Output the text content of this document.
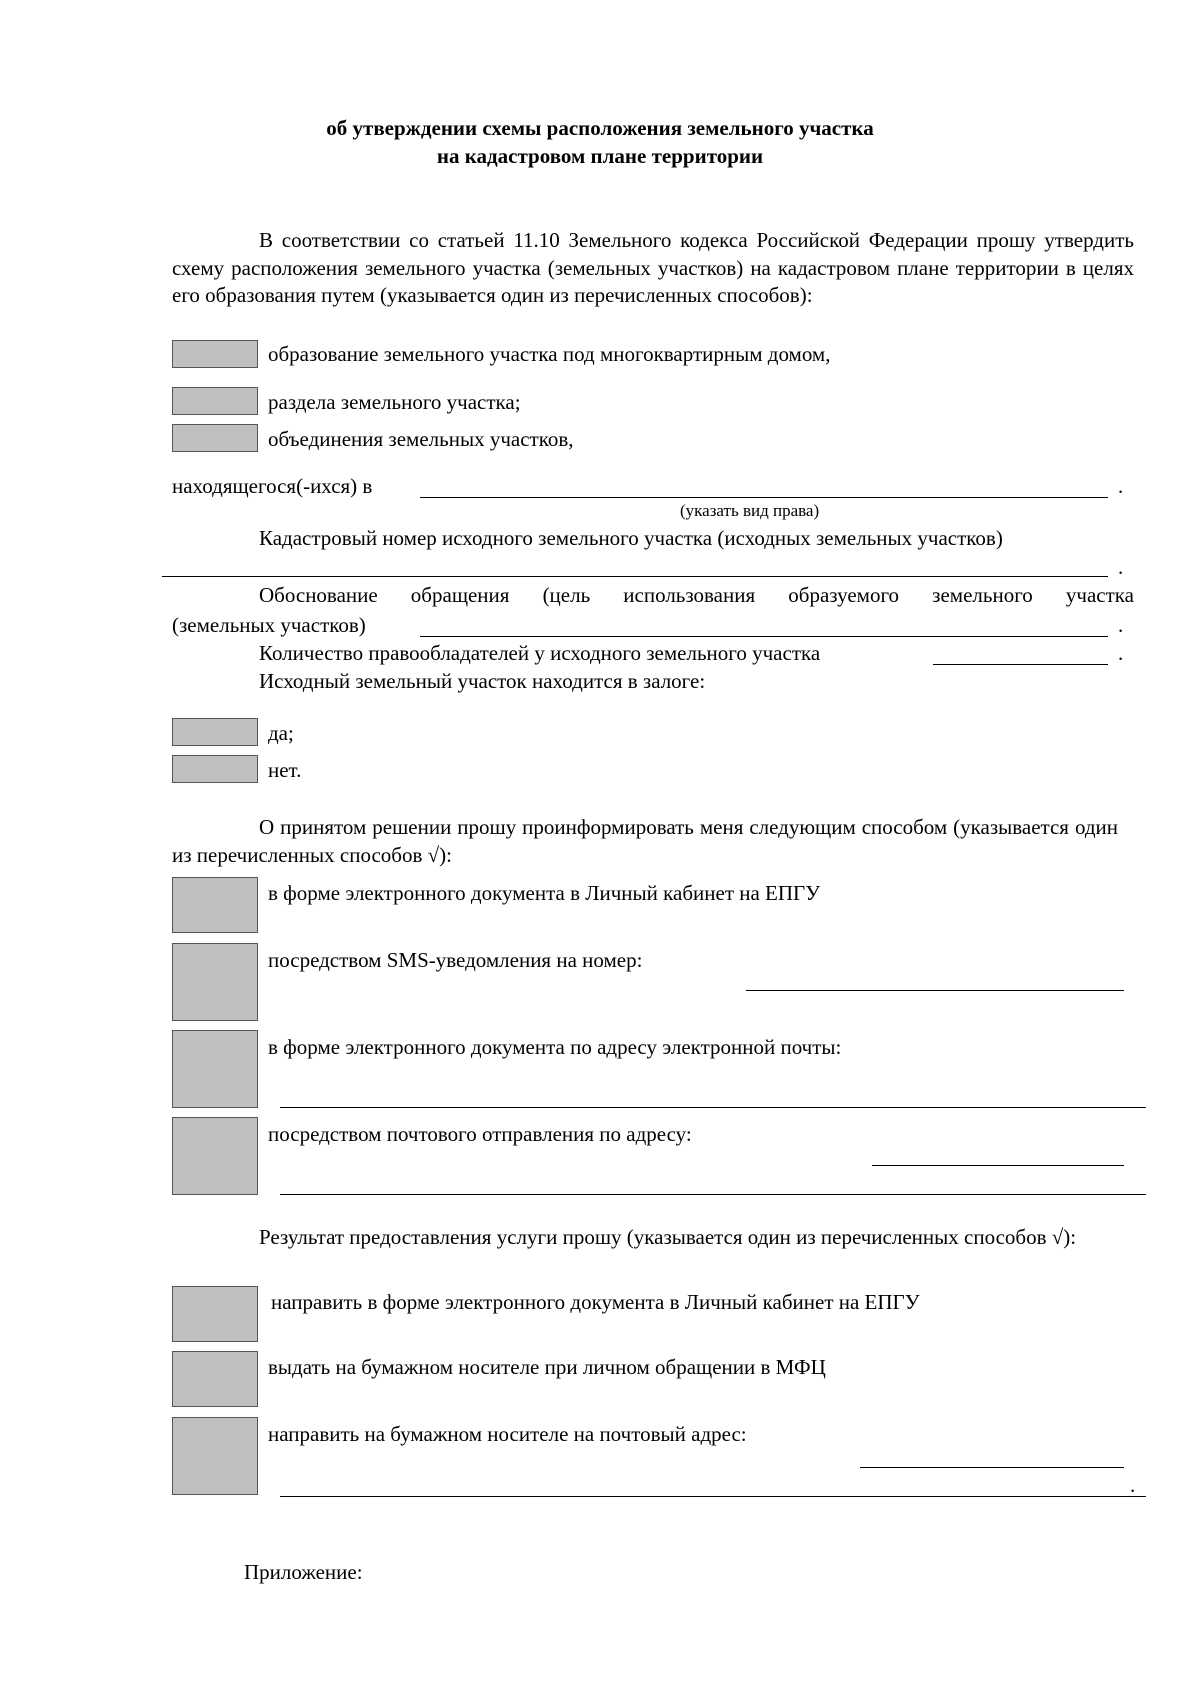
об утверждении схемы расположения земельного участка
на кадастровом плане территории
В соответствии со статьей 11.10 Земельного кодекса Российской Федерации прошу утвердить схему расположения земельного участка (земельных участков) на кадастровом плане территории в целях его образования путем (указывается один из перечисленных способов):
образование земельного участка под многоквартирным домом,
раздела земельного участка;
объединения земельных участков,
находящегося(-ихся) в	.
(указать вид права)
Кадастровый номер исходного земельного участка (исходных земельных участков)
.
Обоснование обращения (цель использования образуемого земельного участка
(земельных участков)	.
Количество правообладателей у исходного земельного участка	.
Исходный земельный участок находится в залоге:
да;
нет.
О принятом решении прошу проинформировать меня следующим способом (указывается один из перечисленных способов √):
в форме электронного документа в Личный кабинет на ЕПГУ
посредством SMS-уведомления на номер:
в форме электронного документа по адресу электронной почты:
посредством почтового отправления по адресу:
Результат предоставления услуги прошу (указывается один из перечисленных способов √):
направить в форме электронного документа в Личный кабинет на ЕПГУ
выдать на бумажном носителе при личном обращении в МФЦ
направить на бумажном носителе на почтовый адрес:
.
Приложение:
